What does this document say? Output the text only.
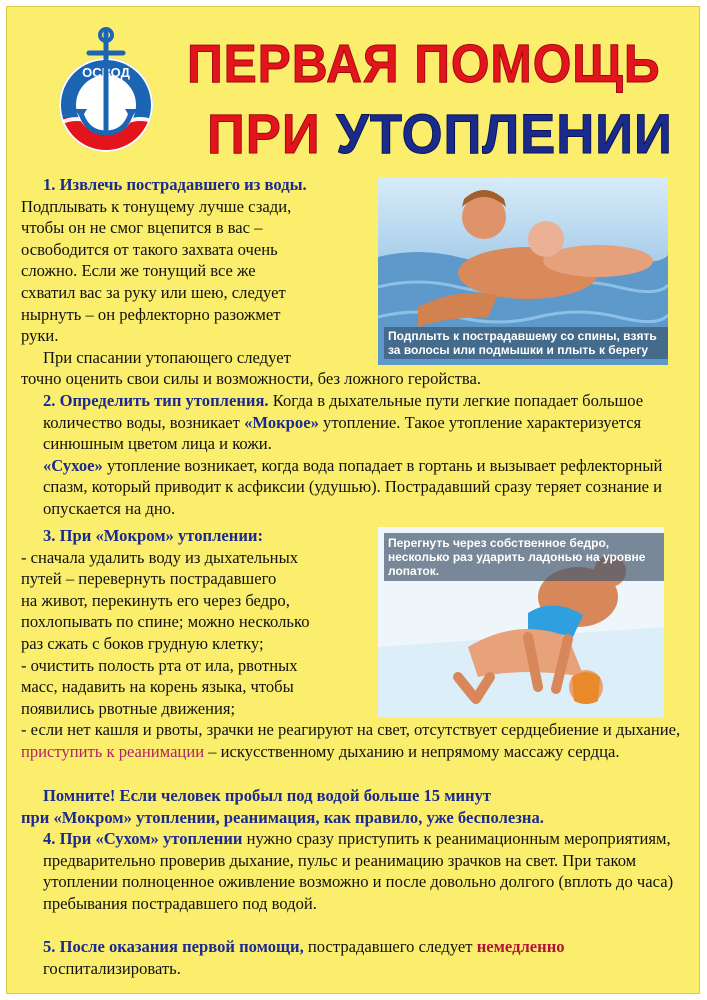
ОСВОД ПЕРВАЯ ПОМОЩЬ
ПРИ УТОПЛЕНИИ

1. Извлечь пострадавшего из воды.

Подплывать к тонущему лучше сзади,

чтобы он не смог вцепится в вас –

освободится от такого захвата очень

сложно. Если же тонущий все же

схватил вас за руку или шею, следует

нырнуть – он рефлекторно разожмет

руки.

При спасании утопающего следует

точно оценить свои силы и возможности, без ложного геройства.

Подплыть к пострадавшему со спины, взять за волосы или подмышки и плыть к берегу

2. Определить тип утопления. Когда в дыхательные пути легкие попадает большое количество воды, возникает «Мокрое» утопление. Такое утопление характеризуется синюшным цветом лица и кожи.

«Сухое» утопление возникает, когда вода попадает в гортань и вызывает рефлекторный спазм, который приводит к асфиксии (удушью). Пострадавший сразу теряет сознание и опускается на дно.

3. При «Мокром» утоплении:

- сначала удалить воду из дыхательных

путей – перевернуть пострадавшего

на живот, перекинуть его через бедро,

похлопывать по спине; можно несколько

раз сжать с боков грудную клетку;

- очистить полость рта от ила, рвотных

масс, надавить на корень языка, чтобы

появились рвотные движения;

- если нет кашля и рвоты, зрачки не реагируют на свет, отсутствует сердцебиение и дыхание, приступить к реанимации – искусственному дыханию и непрямому массажу сердца.

Перегнуть через собственное бедро, несколько раз ударить ладонью на уровне лопаток.

Помните! Если человек пробыл под водой больше 15 минут

при «Мокром» утоплении, реанимация, как правило, уже бесполезна.

4. При «Сухом» утоплении нужно сразу приступить к реанимационным мероприятиям, предварительно проверив дыхание, пульс и реанимацию зрачков на свет. При таком утоплении полноценное оживление возможно и после довольно долгого (вплоть до часа) пребывания пострадавшего под водой.

5. После оказания первой помощи, пострадавшего следует немедленно госпитализировать.
